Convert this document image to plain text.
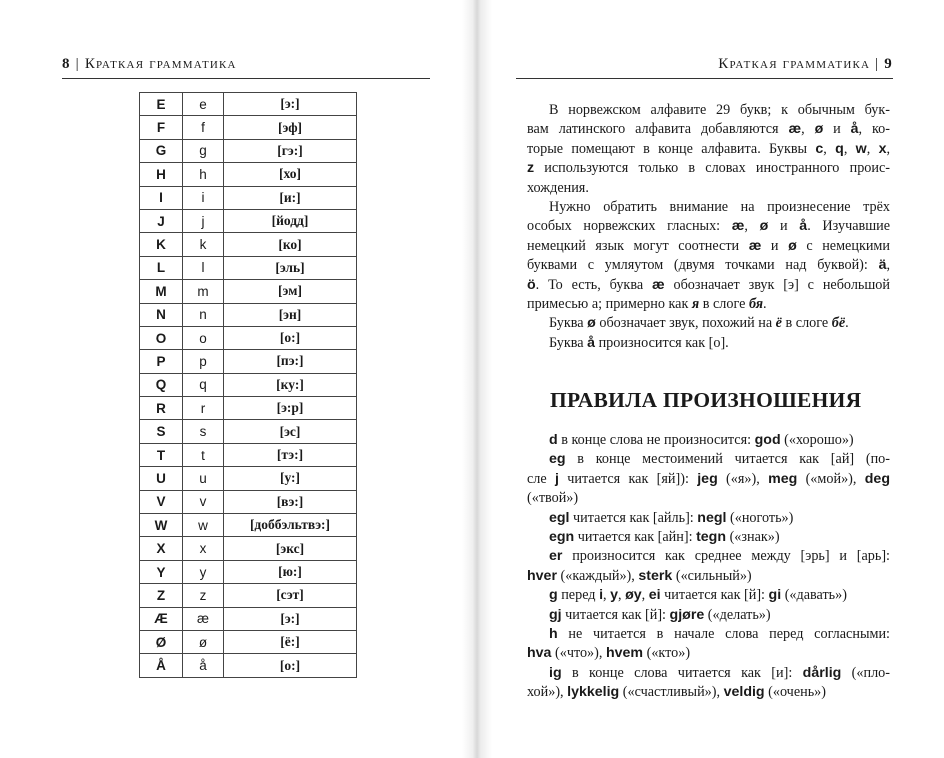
8 | Краткая грамматика
E	e	[э:]
F	f	[эф]
G	g	[гэ:]
H	h	[хо]
I	i	[и:]
J	j	[йодд]
K	k	[ко]
L	l	[эль]
M	m	[эм]
N	n	[эн]
O	o	[о:]
P	p	[пэ:]
Q	q	[ку:]
R	r	[э:р]
S	s	[эс]
T	t	[тэ:]
U	u	[у:]
V	v	[вэ:]
W	w	[доббэльтвэ:]
X	x	[экс]
Y	y	[ю:]
Z	z	[сэт]
Æ	æ	[э:]
Ø	ø	[ё:]
Å	å	[о:]
Краткая грамматика | 9
В норвежском алфавите 29 букв; к обычным бук-
вам латинского алфавита добавляются æ, ø и å, ко-
торые помещают в конце алфавита. Буквы c, q, w, x,
z используются только в словах иностранного проис-
хождения.
Нужно обратить внимание на произнесение трёх
особых норвежских гласных: æ, ø и å. Изучавшие
немецкий язык могут соотнести æ и ø с немецкими
буквами с умляутом (двумя точками над буквой): ä,
ö. То есть, буква æ обозначает звук [э] с небольшой
примесью а; примерно как я в слоге бя.
Буква ø обозначает звук, похожий на ё в слоге бё.
Буква å произносится как [о].
ПРАВИЛА ПРОИЗНОШЕНИЯ
d в конце слова не произносится: god («хорошо»)
eg в конце местоимений читается как [ай] (по-
сле j читается как [яй]): jeg («я»), meg («мой»), deg
(«твой»)
egl читается как [айль]: negl («ноготь»)
egn читается как [айн]: tegn («знак»)
er произносится как среднее между [эрь] и [арь]:
hver («каждый»), sterk («сильный»)
g перед i, y, øy, ei читается как [й]: gi («давать»)
gj читается как [й]: gjøre («делать»)
h не читается в начале слова перед согласными:
hva («что»), hvem («кто»)
ig в конце слова читается как [и]: dårlig («пло-
хой»), lykkelig («счастливый»), veldig («очень»)
